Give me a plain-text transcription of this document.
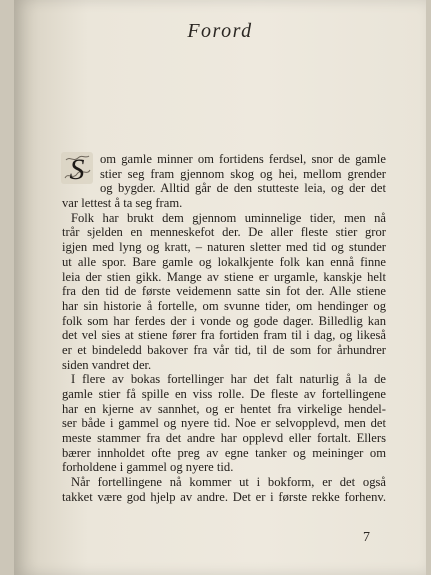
Forord
S	om gamle minner om fortidens ferdsel, snor de gamle
stier seg fram gjennom skog og hei, mellom grender
og bygder. Alltid går de den stutteste leia, og der det
var lettest å ta seg fram.
Folk har brukt dem gjennom uminnelige tider, men nå
trår sjelden en menneskefot der. De aller fleste stier gror
igjen med lyng og kratt, – naturen sletter med tid og stunder
ut alle spor. Bare gamle og lokalkjente folk kan ennå finne
leia der stien gikk. Mange av stiene er urgamle, kanskje helt
fra den tid de første veidemenn satte sin fot der. Alle stiene
har sin historie å fortelle, om svunne tider, om hendinger og
folk som har ferdes der i vonde og gode dager. Billedlig kan
det vel sies at stiene fører fra fortiden fram til i dag, og likeså
er et bindeledd bakover fra vår tid, til de som for århundrer
siden vandret der.
I flere av bokas fortellinger har det falt naturlig å la de
gamle stier få spille en viss rolle. De fleste av fortellingene
har en kjerne av sannhet, og er hentet fra virkelige hendel-
ser både i gammel og nyere tid. Noe er selvopplevd, men det
meste stammer fra det andre har opplevd eller fortalt. Ellers
bærer innholdet ofte preg av egne tanker og meininger om
forholdene i gammel og nyere tid.
Når fortellingene nå kommer ut i bokform, er det også
takket være god hjelp av andre. Det er i første rekke forhenv.
7
